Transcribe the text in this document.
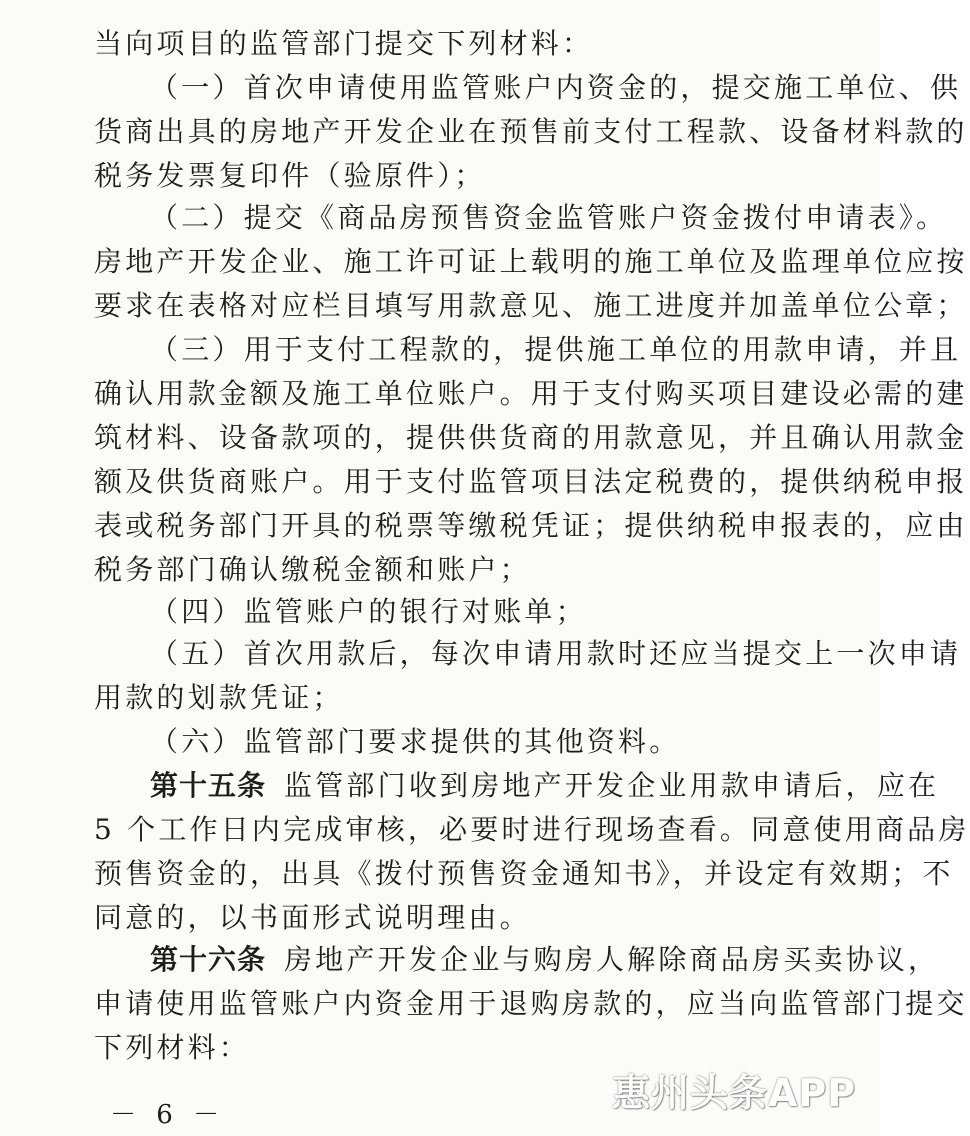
当向项目的监管部门提交下列材料：
（一）首次申请使用监管账户内资金的，提交施工单位、供
货商出具的房地产开发企业在预售前支付工程款、设备材料款的
税务发票复印件（验原件）；
（二）提交《商品房预售资金监管账户资金拨付申请表》。
房地产开发企业、施工许可证上载明的施工单位及监理单位应按
要求在表格对应栏目填写用款意见、施工进度并加盖单位公章；
（三）用于支付工程款的，提供施工单位的用款申请，并且
确认用款金额及施工单位账户。用于支付购买项目建设必需的建
筑材料、设备款项的，提供供货商的用款意见，并且确认用款金
额及供货商账户。用于支付监管项目法定税费的，提供纳税申报
表或税务部门开具的税票等缴税凭证；提供纳税申报表的，应由
税务部门确认缴税金额和账户；
（四）监管账户的银行对账单；
（五）首次用款后，每次申请用款时还应当提交上一次申请
用款的划款凭证；
（六）监管部门要求提供的其他资料。
第十五条 监管部门收到房地产开发企业用款申请后，应在
5 个工作日内完成审核，必要时进行现场查看。同意使用商品房
预售资金的，出具《拨付预售资金通知书》，并设定有效期；不
同意的，以书面形式说明理由。
第十六条 房地产开发企业与购房人解除商品房买卖协议，
申请使用监管账户内资金用于退购房款的，应当向监管部门提交
下列材料：
惠州头条APP
－ 6 －
